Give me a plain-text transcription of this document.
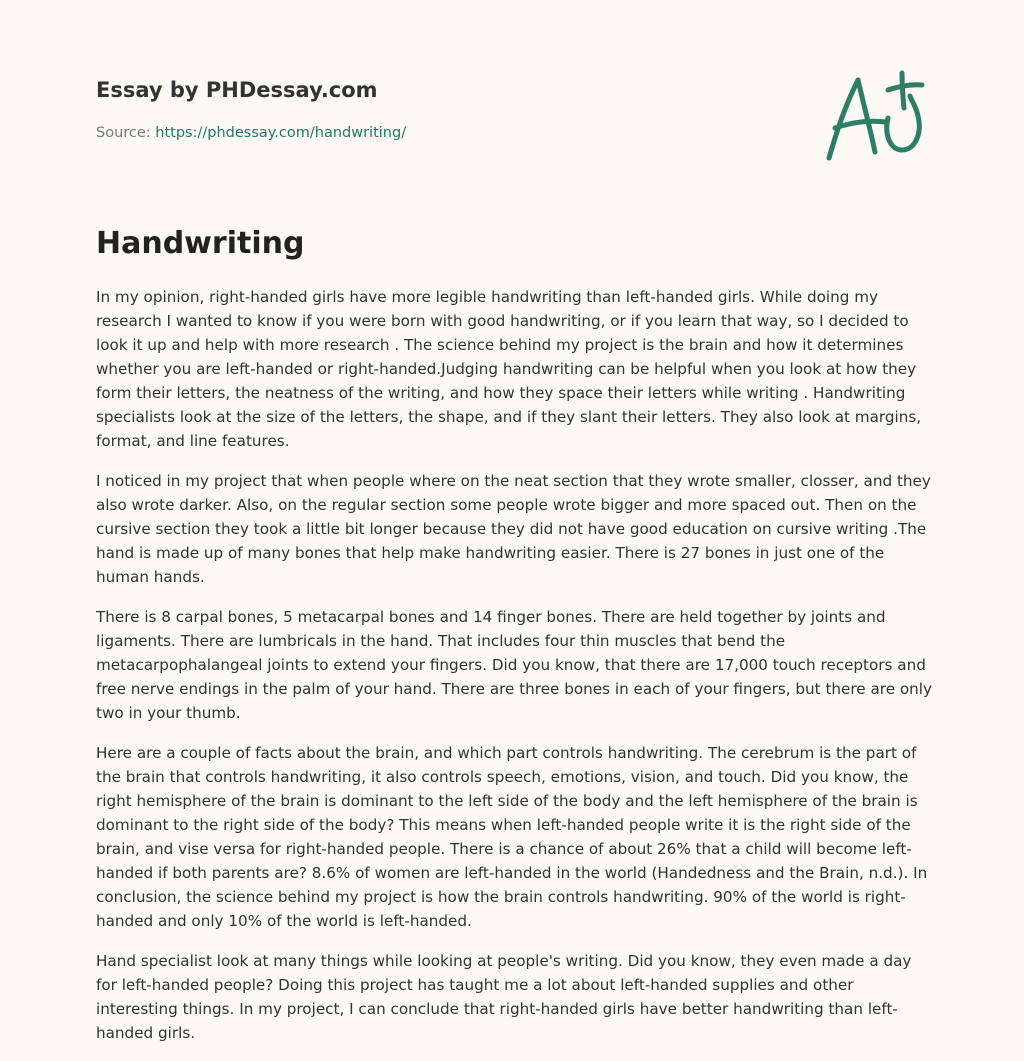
Essay by PHDessay.com
Source: https://phdessay.com/handwriting/
Handwriting

In my opinion, right-handed girls have more legible handwriting than left-handed girls. While doing my research I wanted to know if you were born with good handwriting, or if you learn that way, so I decided to look it up and help with more research . The science behind my project is the brain and how it determines whether you are left-handed or right-handed.Judging handwriting can be helpful when you look at how they form their letters, the neatness of the writing, and how they space their letters while writing . Handwriting specialists look at the size of the letters, the shape, and if they slant their letters. They also look at margins, format, and line features.

I noticed in my project that when people where on the neat section that they wrote smaller, closser, and they also wrote darker. Also, on the regular section some people wrote bigger and more spaced out. Then on the cursive section they took a little bit longer because they did not have good education on cursive writing .The hand is made up of many bones that help make handwriting easier. There is 27 bones in just one of the human hands.

There is 8 carpal bones, 5 metacarpal bones and 14 finger bones. There are held together by joints and ligaments. There are lumbricals in the hand. That includes four thin muscles that bend the metacarpophalangeal joints to extend your fingers. Did you know, that there are 17,000 touch receptors and free nerve endings in the palm of your hand. There are three bones in each of your fingers, but there are only two in your thumb.

Here are a couple of facts about the brain, and which part controls handwriting. The cerebrum is the part of the brain that controls handwriting, it also controls speech, emotions, vision, and touch. Did you know, the right hemisphere of the brain is dominant to the left side of the body and the left hemisphere of the brain is dominant to the right side of the body? This means when left-handed people write it is the right side of the brain, and vise versa for right-handed people. There is a chance of about 26% that a child will become left-handed if both parents are? 8.6% of women are left-handed in the world (Handedness and the Brain, n.d.). In conclusion, the science behind my project is how the brain controls handwriting. 90% of the world is right-handed and only 10% of the world is left-handed.

Hand specialist look at many things while looking at people's writing. Did you know, they even made a day for left-handed people? Doing this project has taught me a lot about left-handed supplies and other interesting things. In my project, I can conclude that right-handed girls have better handwriting than left-handed girls.
